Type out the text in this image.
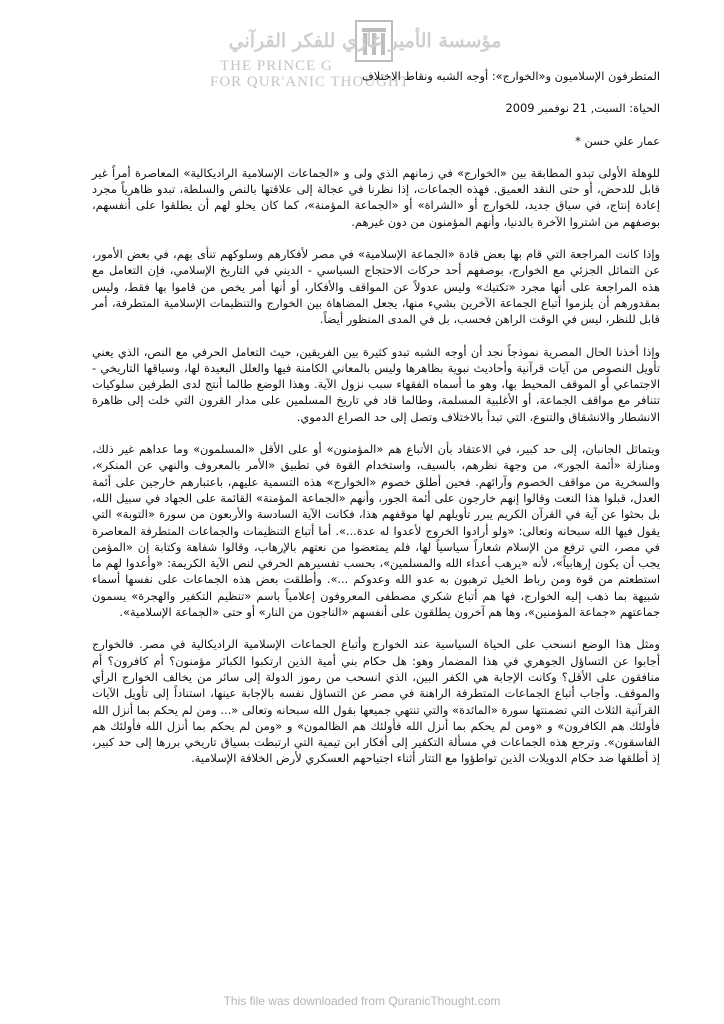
مؤسسة الأمير غازي للفكر القرآني
THE PRINCE G
FOR QUR'ANIC THOUGHT

المتطرفون الإسلاميون و«الخوارج»: أوجه الشبه ونقاط الاختلاف

الحياة: السبت, 21 نوفمبر 2009

عمار علي حسن *

للوهلة الأولى تبدو المطابقة بين «الخوارج» في زمانهم الذي ولى و «الجماعات الإسلامية الراديكالية» المعاصرة أمراً غير قابل للدحض، أو حتى النقد العميق. فهذه الجماعات، إذا نظرنا في عجالة إلى علاقتها بالنص والسلطة، تبدو ظاهرياً مجرد إعادة إنتاج، في سياق جديد، للخوارج أو «الشراة» أو «الجماعة المؤمنة»، كما كان يحلو لهم أن يطلقوا على أنفسهم، بوصفهم من اشتروا الآخرة بالدنيا، وأنهم المؤمنون من دون غيرهم.

وإذا كانت المراجعة التي قام بها بعض قادة «الجماعة الإسلامية» في مصر لأفكارهم وسلوكهم تنأى بهم، في بعض الأمور، عن التماثل الجزئي مع الخوارج، بوصفهم أحد حركات الاحتجاج السياسي - الديني في التاريخ الإسلامي، فإن التعامل مع هذه المراجعة على أنها مجرد «تكتيك» وليس عدولاً عن المواقف والأفكار، أو أنها أمر يخص من قاموا بها فقط، وليس بمقدورهم أن يلزموا أتباع الجماعة الآخرين بشيء منها، يجعل المضاهاة بين الخوارج والتنظيمات الإسلامية المتطرفة، أمر قابل للنظر، ليس في الوقت الراهن فحسب، بل في المدى المنظور أيضاً.

وإذا أخذنا الحال المصرية نموذجاً نجد أن أوجه الشبه تبدو كثيرة بين الفريقين، حيث التعامل الحرفي مع النص، الذي يعني تأويل النصوص من آيات قرآنية وأحاديث نبوية بظاهرها وليس بالمعاني الكامنة فيها والعلل البعيدة لها، وسياقها التاريخي - الاجتماعي أو الموقف المحيط بها، وهو ما أسماه الفقهاء سبب نزول الآية. وهذا الوضع طالما أنتج لدى الطرفين سلوكيات تتنافر مع مواقف الجماعة، أو الأغلبية المسلمة، وطالما قاد في تاريخ المسلمين على مدار القرون التي خلت إلى ظاهرة الانشطار والانشقاق والتنوع، التي تبدأ بالاختلاف وتصل إلى حد الصراع الدموي.

ويتماثل الجانبان، إلى حد كبير، في الاعتقاد بأن الأتباع هم «المؤمنون» أو على الأقل «المسلمون» وما عداهم غير ذلك، ومنازلة «أئمة الجور»، من وجهة نظرهم، بالسيف، واستخدام القوة في تطبيق «الأمر بالمعروف والنهي عن المنكر»، والسخرية من مواقف الخصوم وآرائهم. فحين أطلق خصوم «الخوارج» هذه التسمية عليهم، باعتبارهم خارجين على أئمة العدل، قبلوا هذا النعت وقالوا إنهم خارجون على أئمة الجور، وأنهم «الجماعة المؤمنة» القائمة على الجهاد في سبيل الله، بل بحثوا عن آية في القرآن الكريم يبرر تأويلهم لها موقفهم هذا، فكانت الآية السادسة والأربعون من سورة «التوبة» التي يقول فيها الله سبحانه وتعالى: «ولو أرادوا الخروج لأعدوا له عدة...». أما أتباع التنظيمات والجماعات المتطرفة المعاصرة في مصر، التي ترفع من الإسلام شعاراً سياسياً لها، فلم يمتعضوا من نعتهم بالإرهاب، وقالوا شفاهة وكتابة إن «المؤمن يجب أن يكون إرهابياً»، لأنه «يرهب أعداء الله والمسلمين»، بحسب تفسيرهم الحرفي لنص الآية الكريمة: «وأعدوا لهم ما استطعتم من قوة ومن رباط الخيل ترهبون به عدو الله وعدوكم ...». وأطلقت بعض هذه الجماعات على نفسها أسماء شبيهة بما ذهب إليه الخوارج، فها هم أتباع شكري مصطفى المعروفون إعلامياً باسم «تنظيم التكفير والهجرة» يسمون جماعتهم «جماعة المؤمنين»، وها هم آخرون يطلقون على أنفسهم «الناجون من النار» أو حتى «الجماعة الإسلامية».

ومثل هذا الوضع انسحب على الحياة السياسية عند الخوارج وأتباع الجماعات الإسلامية الراديكالية في مصر. فالخوارج أجابوا عن التساؤل الجوهري في هذا المضمار وهو: هل حكام بني أمية الذين ارتكبوا الكبائر مؤمنون؟ أم كافرون؟ أم منافقون على الأقل؟ وكانت الإجابة هي الكفر البين، الذي انسحب من رموز الدولة إلى سائر من يخالف الخوارج الرأي والموقف. وأجاب أتباع الجماعات المتطرفة الراهنة في مصر عن التساؤل نفسه بالإجابة عينها، استناداً إلى تأويل الآيات القرآنية الثلاث التي تضمنتها سورة «المائدة» والتي تنتهي جميعها بقول الله سبحانه وتعالى «... ومن لم يحكم بما أنزل الله فأولئك هم الكافرون» و «ومن لم يحكم بما أنزل الله فأولئك هم الظالمون» و «ومن لم يحكم بما أنزل الله فأولئك هم الفاسقون». وترجع هذه الجماعات في مسألة التكفير إلى أفكار ابن تيمية التي ارتبطت بسياق تاريخي بررها إلى حد كبير، إذ أطلقها ضد حكام الدويلات الذين تواطؤوا مع التتار أثناء اجتياحهم العسكري لأرض الخلافة الإسلامية.

This file was downloaded from QuranicThought.com
